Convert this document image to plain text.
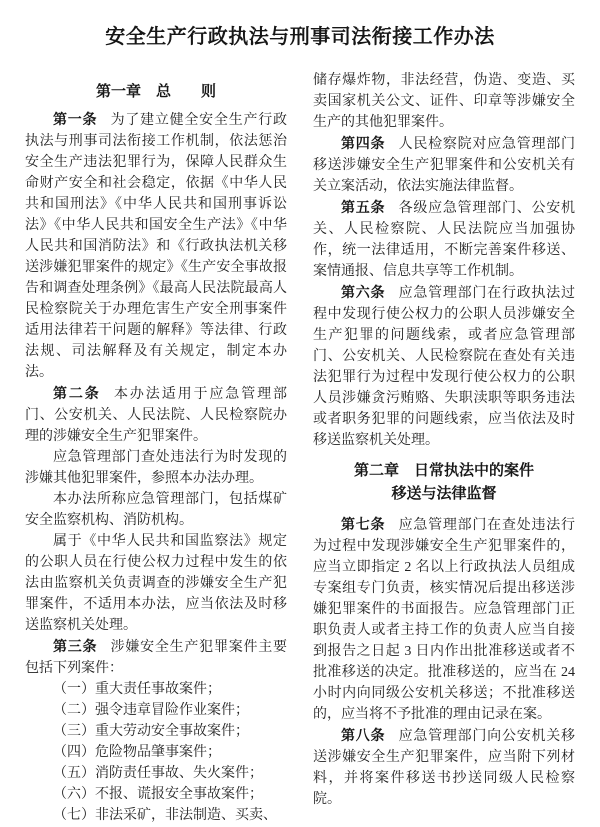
安全生产行政执法与刑事司法衔接工作办法
第一章　总　　则

第一条 为了建立健全安全生产行政执法与刑事司法衔接工作机制，依法惩治安全生产违法犯罪行为，保障人民群众生命财产安全和社会稳定，依据《中华人民共和国刑法》《中华人民共和国刑事诉讼法》《中华人民共和国安全生产法》《中华人民共和国消防法》和《行政执法机关移送涉嫌犯罪案件的规定》《生产安全事故报告和调查处理条例》《最高人民法院最高人民检察院关于办理危害生产安全刑事案件适用法律若干问题的解释》等法律、行政法规、司法解释及有关规定，制定本办法。

第二条 本办法适用于应急管理部门、公安机关、人民法院、人民检察院办理的涉嫌安全生产犯罪案件。

应急管理部门查处违法行为时发现的涉嫌其他犯罪案件，参照本办法办理。

本办法所称应急管理部门，包括煤矿安全监察机构、消防机构。

属于《中华人民共和国监察法》规定的公职人员在行使公权力过程中发生的依法由监察机关负责调查的涉嫌安全生产犯罪案件，不适用本办法，应当依法及时移送监察机关处理。

第三条 涉嫌安全生产犯罪案件主要包括下列案件：

（一）重大责任事故案件；

（二）强令违章冒险作业案件；

（三）重大劳动安全事故案件；

（四）危险物品肇事案件；

（五）消防责任事故、失火案件；

（六）不报、谎报安全事故案件；

（七）非法采矿，非法制造、买卖、

储存爆炸物，非法经营，伪造、变造、买卖国家机关公文、证件、印章等涉嫌安全生产的其他犯罪案件。

第四条 人民检察院对应急管理部门移送涉嫌安全生产犯罪案件和公安机关有关立案活动，依法实施法律监督。

第五条 各级应急管理部门、公安机关、人民检察院、人民法院应当加强协作，统一法律适用，不断完善案件移送、案情通报、信息共享等工作机制。

第六条 应急管理部门在行政执法过程中发现行使公权力的公职人员涉嫌安全生产犯罪的问题线索，或者应急管理部门、公安机关、人民检察院在查处有关违法犯罪行为过程中发现行使公权力的公职人员涉嫌贪污贿赂、失职渎职等职务违法或者职务犯罪的问题线索，应当依法及时移送监察机关处理。

第二章　日常执法中的案件
移送与法律监督

第七条 应急管理部门在查处违法行为过程中发现涉嫌安全生产犯罪案件的，应当立即指定 2 名以上行政执法人员组成专案组专门负责，核实情况后提出移送涉嫌犯罪案件的书面报告。应急管理部门正职负责人或者主持工作的负责人应当自接到报告之日起 3 日内作出批准移送或者不批准移送的决定。批准移送的，应当在 24 小时内向同级公安机关移送；不批准移送的，应当将不予批准的理由记录在案。

第八条 应急管理部门向公安机关移送涉嫌安全生产犯罪案件，应当附下列材料，并将案件移送书抄送同级人民检察院。
